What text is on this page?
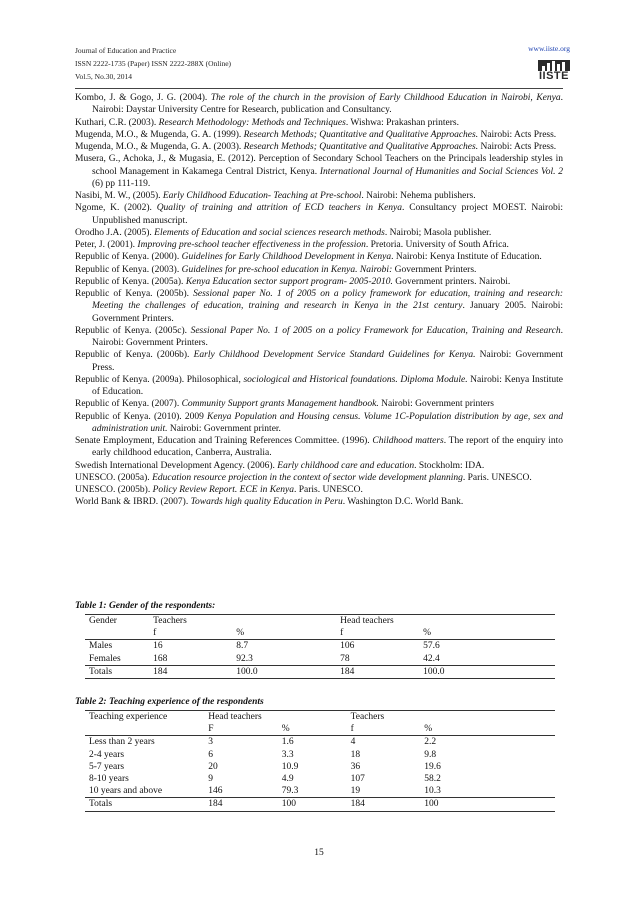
Journal of Education and Practice
ISSN 2222-1735 (Paper) ISSN 2222-288X (Online)
Vol.5, No.30, 2014
www.iiste.org
IISTE

Kombo, J. & Gogo, J. G. (2004). The role of the church in the provision of Early Childhood Education in Nairobi, Kenya. Nairobi: Daystar University Centre for Research, publication and Consultancy.

Kuthari, C.R. (2003). Research Methodology: Methods and Techniques. Wishwa: Prakashan printers.

Mugenda, M.O., & Mugenda, G. A. (1999). Research Methods; Quantitative and Qualitative Approaches. Nairobi: Acts Press.

Mugenda, M.O., & Mugenda, G. A. (2003). Research Methods; Quantitative and Qualitative Approaches. Nairobi: Acts Press.

Musera, G., Achoka, J., & Mugasia, E. (2012). Perception of Secondary School Teachers on the Principals leadership styles in school Management in Kakamega Central District, Kenya. International Journal of Humanities and Social Sciences Vol. 2 (6) pp 111-119.

Nasibi, M. W., (2005). Early Childhood Education- Teaching at Pre-school. Nairobi: Nehema publishers.

Ngome, K. (2002). Quality of training and attrition of ECD teachers in Kenya. Consultancy project MOEST. Nairobi: Unpublished manuscript.

Orodho J.A. (2005). Elements of Education and social sciences research methods. Nairobi; Masola publisher.

Peter, J. (2001). Improving pre-school teacher effectiveness in the profession. Pretoria. University of South Africa.

Republic of Kenya. (2000). Guidelines for Early Childhood Development in Kenya. Nairobi: Kenya Institute of Education.

Republic of Kenya. (2003). Guidelines for pre-school education in Kenya. Nairobi: Government Printers.

Republic of Kenya. (2005a). Kenya Education sector support program- 2005-2010. Government printers. Nairobi.

Republic of Kenya. (2005b). Sessional paper No. 1 of 2005 on a policy framework for education, training and research: Meeting the challenges of education, training and research in Kenya in the 21st century. January 2005. Nairobi: Government Printers.

Republic of Kenya. (2005c). Sessional Paper No. 1 of 2005 on a policy Framework for Education, Training and Research. Nairobi: Government Printers.

Republic of Kenya. (2006b). Early Childhood Development Service Standard Guidelines for Kenya. Nairobi: Government Press.

Republic of Kenya. (2009a). Philosophical, sociological and Historical foundations. Diploma Module. Nairobi: Kenya Institute of Education.

Republic of Kenya. (2007). Community Support grants Management handbook. Nairobi: Government printers

Republic of Kenya. (2010). 2009 Kenya Population and Housing census. Volume 1C-Population distribution by age, sex and administration unit. Nairobi: Government printer.

Senate Employment, Education and Training References Committee. (1996). Childhood matters. The report of the enquiry into early childhood education, Canberra, Australia.

Swedish International Development Agency. (2006). Early childhood care and education. Stockholm: IDA.

UNESCO. (2005a). Education resource projection in the context of sector wide development planning. Paris. UNESCO.

UNESCO. (2005b). Policy Review Report. ECE in Kenya. Paris. UNESCO.

World Bank & IBRD. (2007). Towards high quality Education in Peru. Washington D.C. World Bank.

Table 1: Gender of the respondents:
Gender	Teachers		Head teachers	
	f	%	f	%
Males	16	8.7	106	57.6
Females	168	92.3	78	42.4
Totals	184	100.0	184	100.0
Table 2: Teaching experience of the respondents
Teaching experience	Head teachers		Teachers	
	F	%	f	%
Less than 2 years	3	1.6	4	2.2
2-4 years	6	3.3	18	9.8
5-7 years	20	10.9	36	19.6
8-10 years	9	4.9	107	58.2
10 years and above	146	79.3	19	10.3
Totals	184	100	184	100
15
